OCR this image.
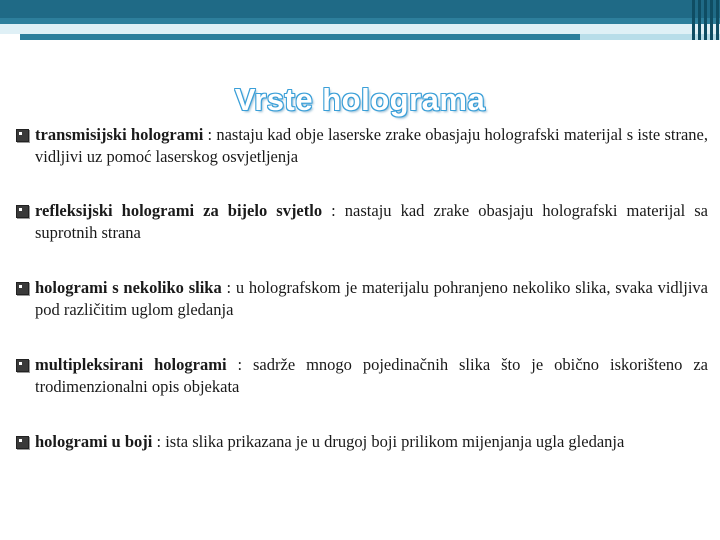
Vrste holograma
transmisijski hologrami : nastaju kad obje laserske zrake obasjaju holografski materijal s iste strane, vidljivi uz pomoć laserskog osvjetljenja
refleksijski hologrami za bijelo svjetlo : nastaju kad zrake obasjaju holografski materijal sa suprotnih strana
hologrami s nekoliko slika : u holografskom je materijalu pohranjeno nekoliko slika, svaka vidljiva pod različitim uglom gledanja
multipleksirani hologrami : sadrže mnogo pojedinačnih slika što je obično iskorišteno za trodimenzionalni opis objekata
hologrami u boji : ista slika prikazana je u drugoj boji prilikom mijenjanja ugla gledanja
